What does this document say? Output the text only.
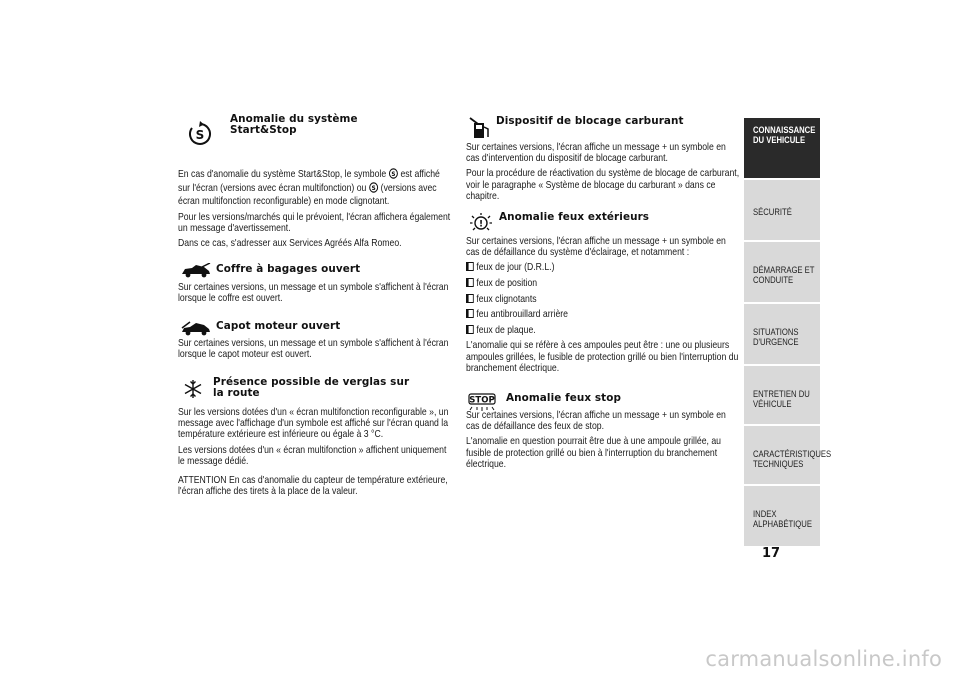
S
Anomalie du système
Start&Stop
En cas d'anomalie du système Start&Stop, le symbole S est affiché sur l'écran (versions avec écran multifonction) ou S (versions avec écran multifonction reconfigurable) en mode clignotant.
Pour les versions/marchés qui le prévoient, l'écran affichera également un message d'avertissement.
Dans ce cas, s'adresser aux Services Agréés Alfa Romeo.
Coffre à bagages ouvert
Sur certaines versions, un message et un symbole s'affichent à l'écran lorsque le coffre est ouvert.
Capot moteur ouvert
Sur certaines versions, un message et un symbole s'affichent à l'écran lorsque le capot moteur est ouvert.
Présence possible de verglas sur
la route
Sur les versions dotées d'un « écran multifonction reconfigurable », un message avec l'affichage d'un symbole est affiché sur l'écran quand la température extérieure est inférieure ou égale à 3 °C.
Les versions dotées d'un « écran multifonction » affichent uniquement le message dédié.
ATTENTION En cas d'anomalie du capteur de température extérieure, l'écran affiche des tirets à la place de la valeur.
Dispositif de blocage carburant
Sur certaines versions, l'écran affiche un message + un symbole en cas d'intervention du dispositif de blocage carburant.
Pour la procédure de réactivation du système de blocage de carburant, voir le paragraphe « Système de blocage du carburant » dans ce chapitre.
!
Anomalie feux extérieurs
Sur certaines versions, l'écran affiche un message + un symbole en cas de défaillance du système d'éclairage, et notamment :
feux de jour (D.R.L.)
feux de position
feux clignotants
feu antibrouillard arrière
feux de plaque.
L'anomalie qui se réfère à ces ampoules peut être : une ou plusieurs ampoules grillées, le fusible de protection grillé ou bien l'interruption du branchement électrique.
STOP Anomalie feux stop
Sur certaines versions, l'écran affiche un message + un symbole en cas de défaillance des feux de stop.
L'anomalie en question pourrait être due à une ampoule grillée, au fusible de protection grillé ou bien à l'interruption du branchement électrique.
CONNAISSANCE
DU VEHICULE
SÉCURITÉ
DÉMARRAGE ET
CONDUITE
SITUATIONS
D'URGENCE
ENTRETIEN DU
VÉHICULE
CARACTÉRISTIQUES
TECHNIQUES
INDEX
ALPHABÉTIQUE
17
carmanualsonline.info
